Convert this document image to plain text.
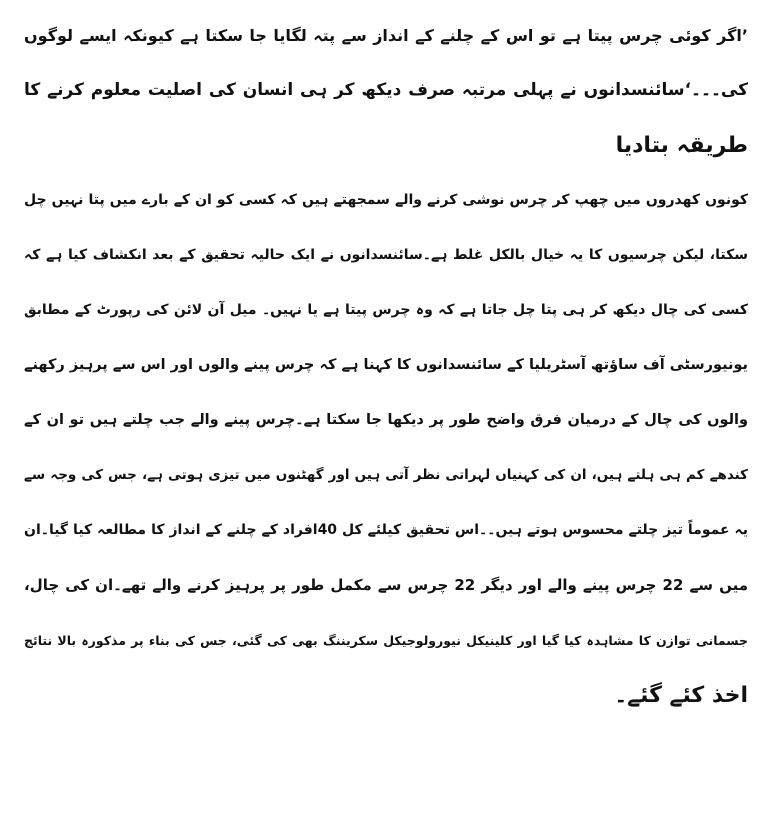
’اگر کوئی چرس پیتا ہے تو اس کے چلنے کے انداز سے پتہ لگایا جا سکتا ہے کیونکہ ایسے لوگوں
کی۔۔۔‘سائنسدانوں نے پہلی مرتبہ صرف دیکھ کر ہی انسان کی اصلیت معلوم کرنے کا
طریقہ بتادیا
کونوں کھدروں میں چھپ کر چرس نوشی کرنے والے سمجھتے ہیں کہ کسی کو ان کے بارے میں پتا نہیں چل
سکتا، لیکن چرسیوں کا یہ خیال بالکل غلط ہے۔سائنسدانوں نے ایک حالیہ تحقیق کے بعد انکشاف کیا ہے کہ
کسی کی چال دیکھ کر ہی پتا چل جاتا ہے کہ وہ چرس پیتا ہے یا نہیں۔ میل آن لائن کی رپورٹ کے مطابق
یونیورسٹی آف ساؤتھ آسٹریلیا کے سائنسدانوں کا کہنا ہے کہ چرس پینے والوں اور اس سے پرہیز رکھنے
والوں کی چال کے درمیان فرق واضح طور پر دیکھا جا سکتا ہے۔چرس پینے والے جب چلتے ہیں تو ان کے
کندھے کم ہی ہلتے ہیں، ان کی کہنیاں لہراتی نظر آتی ہیں اور گھٹنوں میں تیزی ہوتی ہے، جس کی وجہ سے
یہ عموماً تیز چلتے محسوس ہوتے ہیں۔۔اس تحقیق کیلئے کل 40افراد کے چلنے کے انداز کا مطالعہ کیا گیا۔ان
میں سے 22 چرس پینے والے اور دیگر 22 چرس سے مکمل طور پر پرہیز کرنے والے تھے۔ان کی چال،
جسمانی توازن کا مشاہدہ کیا گیا اور کلینیکل نیورولوجیکل سکریننگ بھی کی گئی، جس کی بناء پر مذکورہ بالا نتائج
اخذ کئے گئے۔
